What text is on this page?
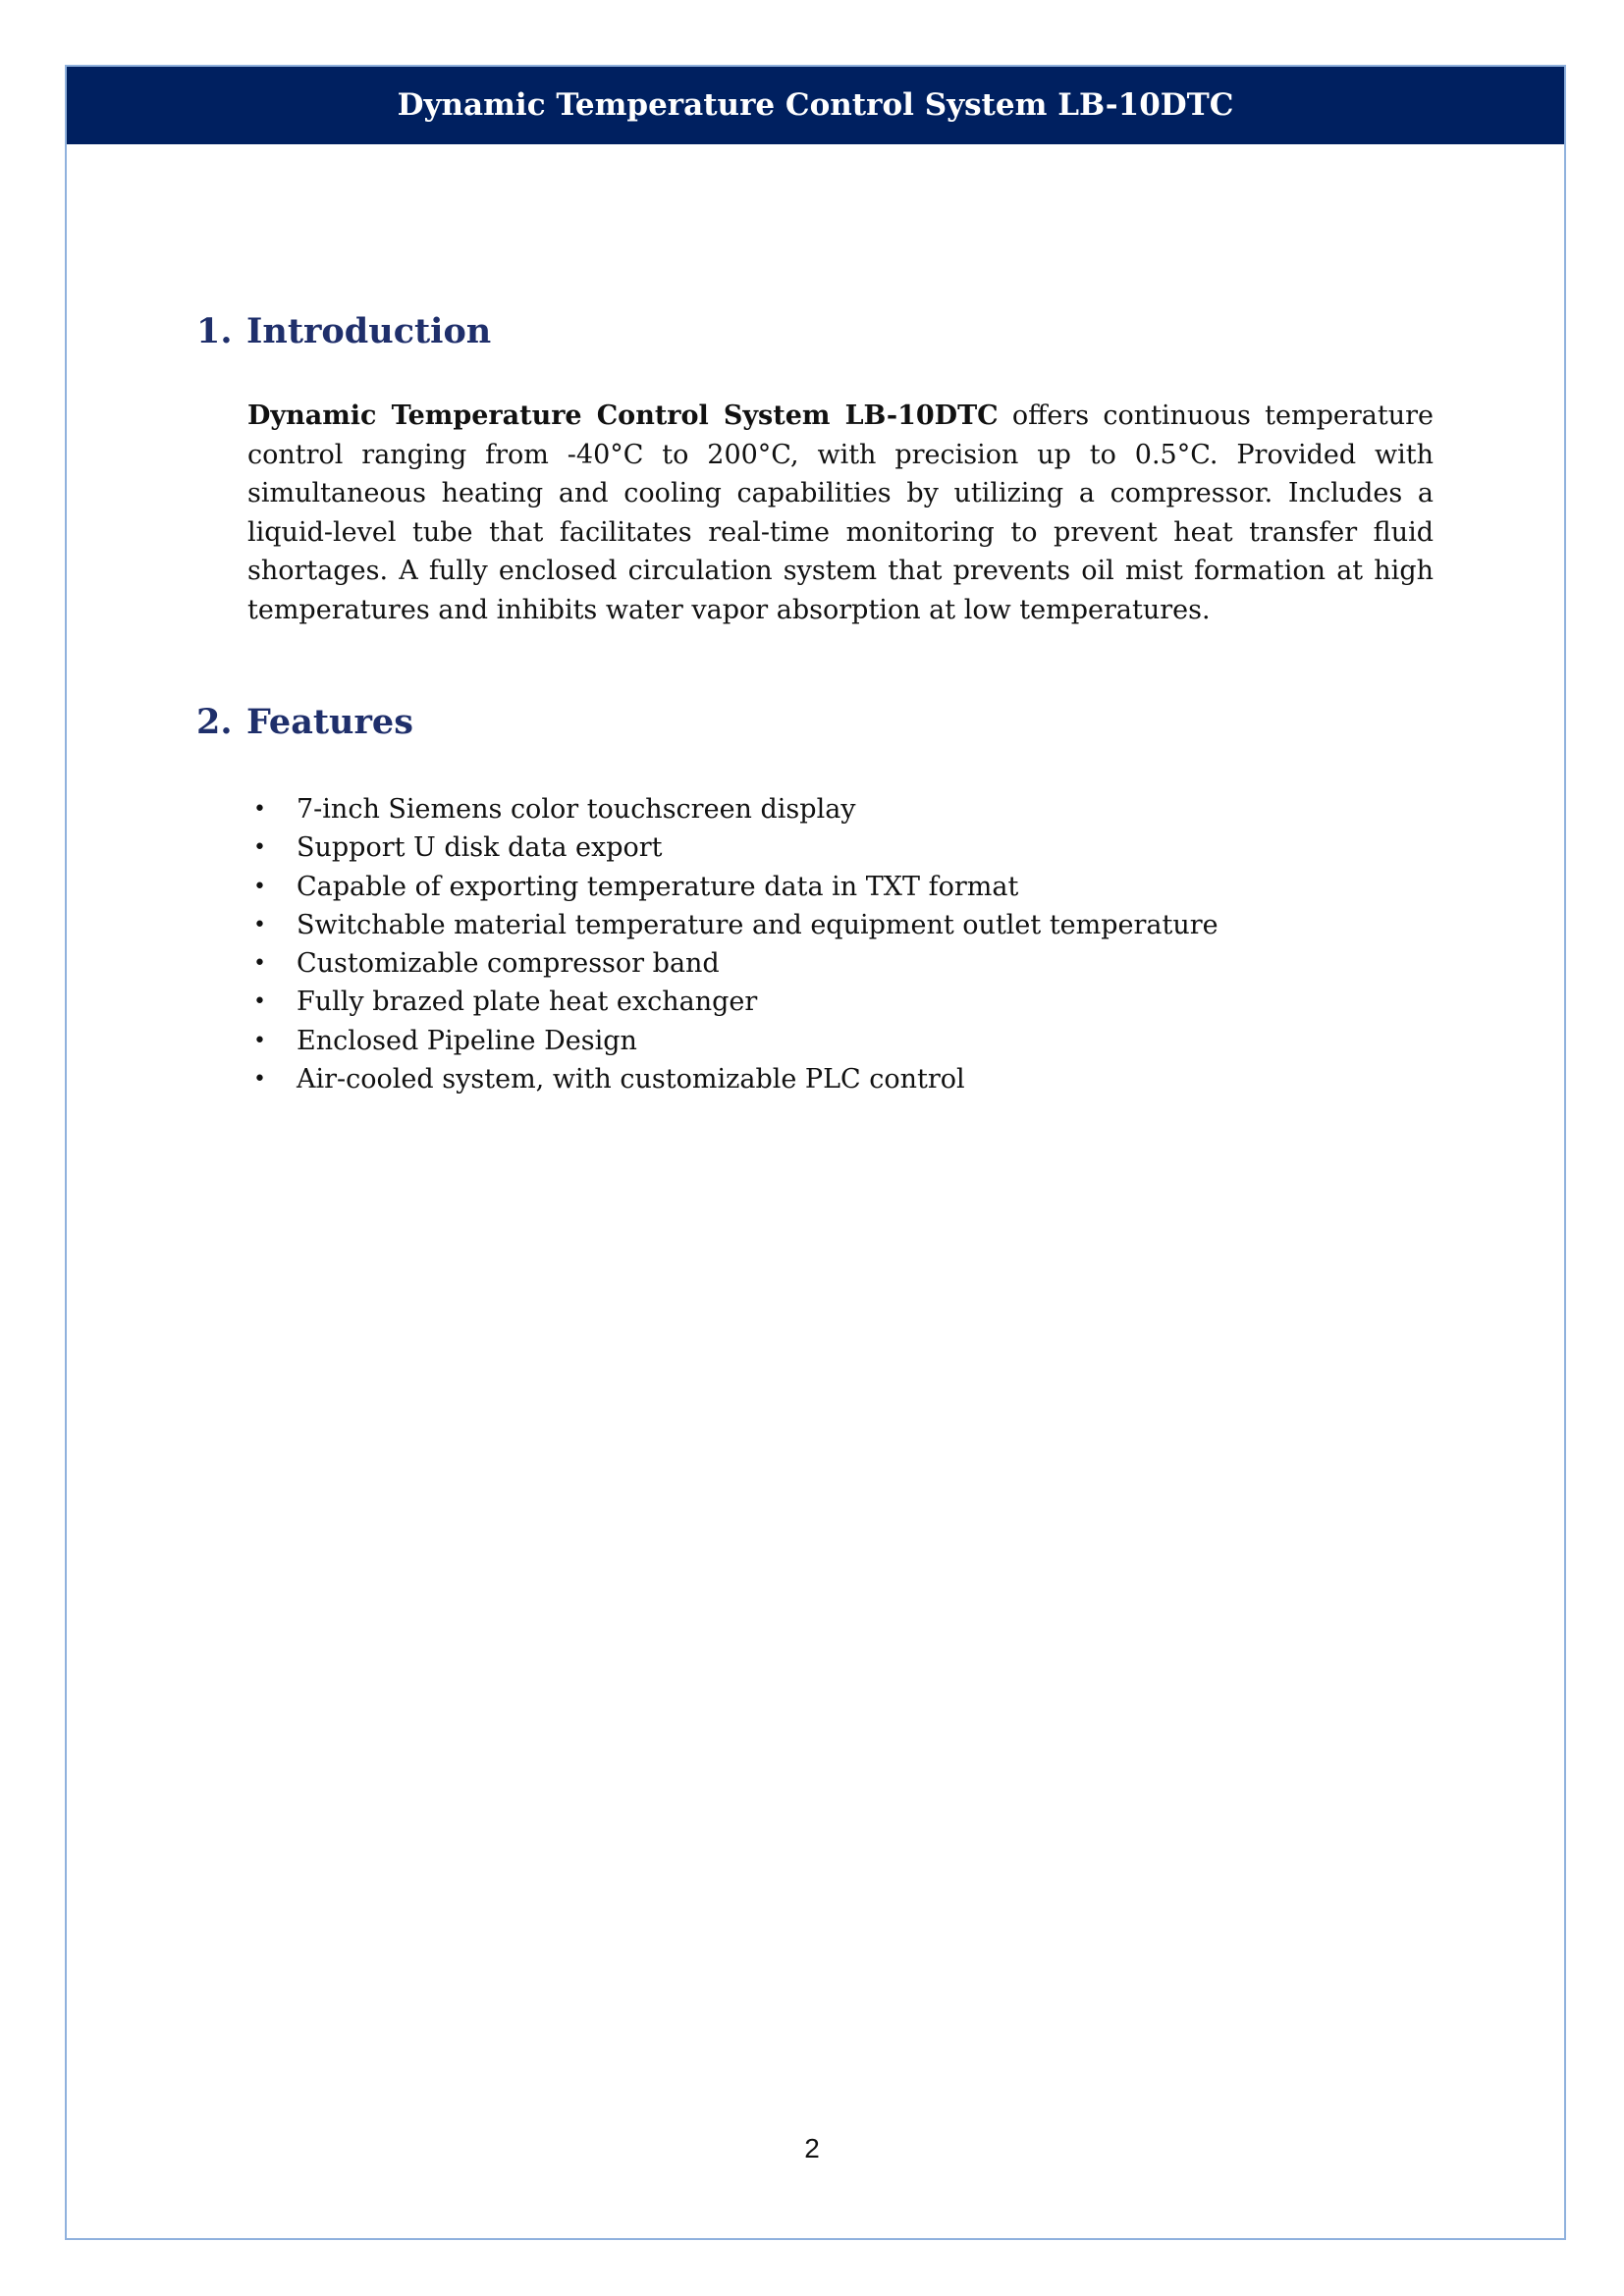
Dynamic Temperature Control System LB-10DTC
1. Introduction

Dynamic Temperature Control System LB-10DTC offers continuous temperature control ranging from -40°C to 200°C, with precision up to 0.5°C. Provided with simultaneous heating and cooling capabilities by utilizing a compressor. Includes a liquid-level tube that facilitates real-time monitoring to prevent heat transfer fluid shortages. A fully enclosed circulation system that prevents oil mist formation at high temperatures and inhibits water vapor absorption at low temperatures.

2. Features
• 7-inch Siemens color touchscreen display
• Support U disk data export
• Capable of exporting temperature data in TXT format
• Switchable material temperature and equipment outlet temperature
• Customizable compressor band
• Fully brazed plate heat exchanger
• Enclosed Pipeline Design
• Air-cooled system, with customizable PLC control
2
